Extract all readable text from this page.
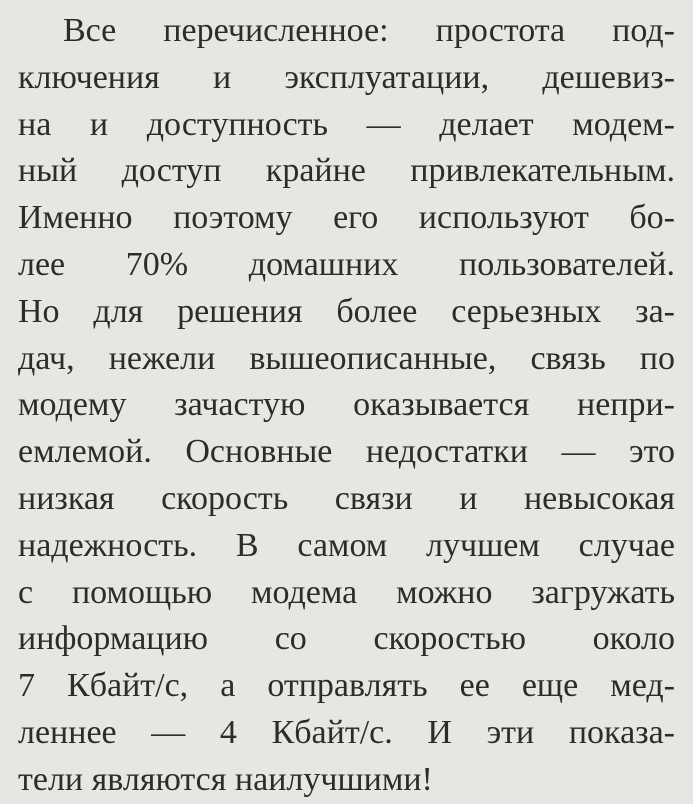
Все перечисленное: простота под-
ключения и эксплуатации, дешевиз-
на и доступность — делает модем-
ный доступ крайне привлекательным.
Именно поэтому его используют бо-
лее 70% домашних пользователей.
Но для решения более серьезных за-
дач, нежели вышеописанные, связь по
модему зачастую оказывается непри-
емлемой. Основные недостатки — это
низкая скорость связи и невысокая
надежность. В самом лучшем случае
с помощью модема можно загружать
информацию со скоростью около
7 Кбайт/с, а отправлять ее еще мед-
леннее — 4 Кбайт/с. И эти показа-
тели являются наилучшими!
